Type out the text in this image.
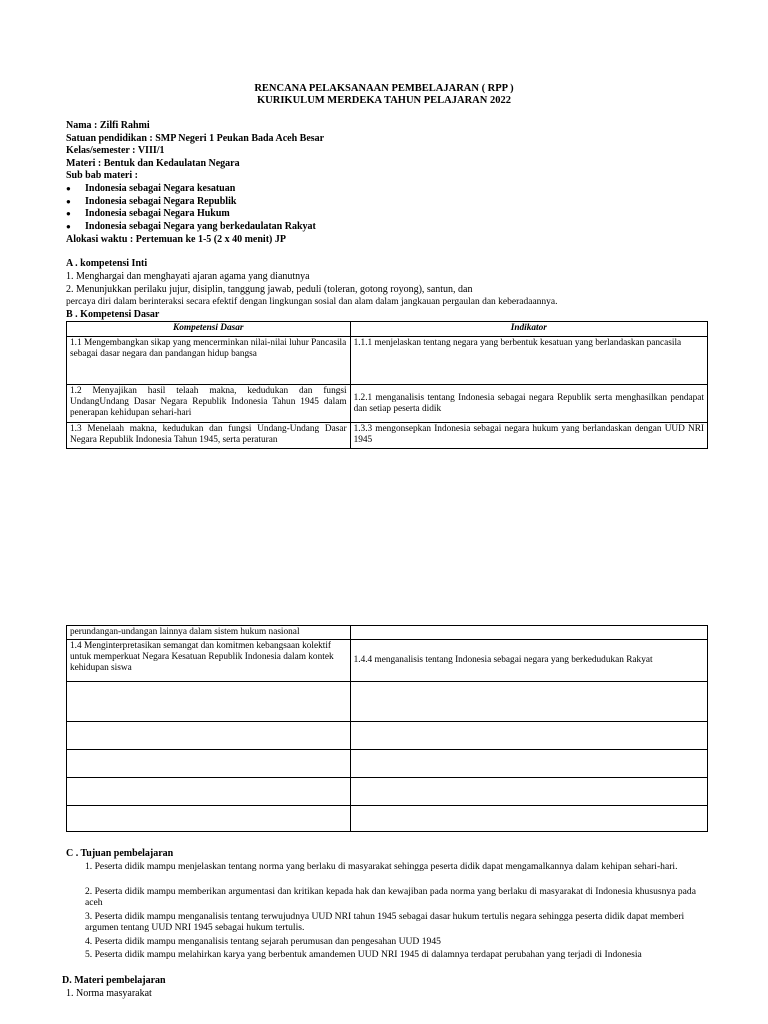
RENCANA PELAKSANAAN PEMBELAJARAN ( RPP )
KURIKULUM MERDEKA TAHUN PELAJARAN 2022
Nama : Zilfi Rahmi
Satuan pendidikan : SMP Negeri 1 Peukan Bada Aceh Besar
Kelas/semester : VIII/1
Materi : Bentuk dan Kedaulatan Negara
Sub bab materi :
● Indonesia sebagai Negara kesatuan
● Indonesia sebagai Negara Republik
● Indonesia sebagai Negara Hukum
● Indonesia sebagai Negara yang berkedaulatan Rakyat
Alokasi waktu : Pertemuan ke 1-5 (2 x 40 menit) JP
A . kompetensi Inti
1. Menghargai dan menghayati ajaran agama yang dianutnya
2. Menunjukkan perilaku jujur, disiplin, tanggung jawab, peduli (toleran, gotong royong), santun, dan
percaya diri dalam berinteraksi secara efektif dengan lingkungan sosial dan alam dalam jangkauan pergaulan dan keberadaannya.
B . Kompetensi Dasar
Kompetensi Dasar	Indikator
1.1 Mengembangkan sikap yang mencerminkan nilai-nilai luhur Pancasila sebagai dasar negara dan pandangan hidup bangsa	1.1.1 menjelaskan tentang negara yang berbentuk kesatuan yang berlandaskan pancasila
1.2 Menyajikan hasil telaah makna, kedudukan dan fungsi UndangUndang Dasar Negara Republik Indonesia Tahun 1945 dalam penerapan kehidupan sehari-hari	1.2.1 menganalisis tentang Indonesia sebagai negara Republik serta menghasilkan pendapat dan setiap peserta didik
1.3 Menelaah makna, kedudukan dan fungsi Undang-Undang Dasar Negara Republik Indonesia Tahun 1945, serta peraturan	1.3.3 mengonsepkan Indonesia sebagai negara hukum yang berlandaskan dengan UUD NRI 1945
perundangan-undangan lainnya dalam sistem hukum nasional	
1.4 Menginterpretasikan semangat dan komitmen kebangsaan kolektif untuk memperkuat Negara Kesatuan Republik Indonesia dalam kontek kehidupan siswa	1.4.4 menganalisis tentang Indonesia sebagai negara yang berkedudukan Rakyat

C . Tujuan pembelajaran
1. Peserta didik mampu menjelaskan tentang norma yang berlaku di masyarakat sehingga peserta didik dapat mengamalkannya dalam kehipan sehari-hari.
2. Peserta didik mampu memberikan argumentasi dan kritikan kepada hak dan kewajiban pada norma yang berlaku di masyarakat di Indonesia khususnya pada aceh
3. Peserta didik mampu menganalisis tentang terwujudnya UUD NRI tahun 1945 sebagai dasar hukum tertulis negara sehingga peserta didik dapat memberi argumen tentang UUD NRI 1945 sebagai hukum tertulis.
4. Peserta didik mampu menganalisis tentang sejarah perumusan dan pengesahan UUD 1945
5. Peserta didik mampu melahirkan karya yang berbentuk amandemen UUD NRI 1945 di dalamnya terdapat perubahan yang terjadi di Indonesia
D. Materi pembelajaran
1. Norma masyarakat
